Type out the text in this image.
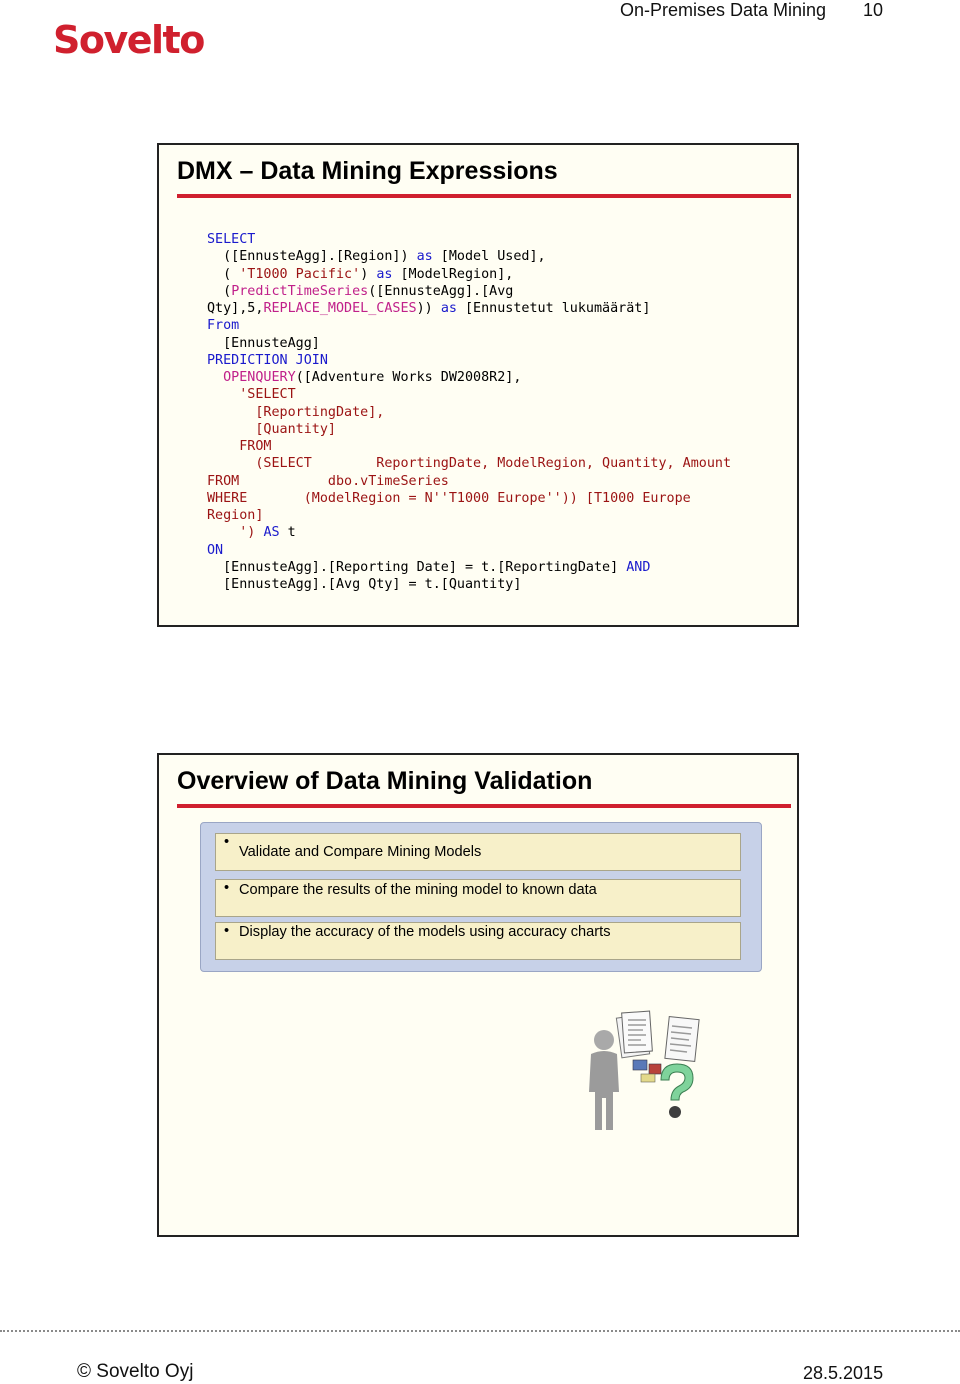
Sovelto
On-Premises Data Mining 10
DMX – Data Mining Expressions
SELECT
([EnnusteAgg].[Region]) as [Model Used],
( 'T1000 Pacific') as [ModelRegion],
(PredictTimeSeries([EnnusteAgg].[Avg
Qty],5,REPLACE_MODEL_CASES)) as [Ennustetut lukumäärät]
From
[EnnusteAgg]
PREDICTION JOIN
OPENQUERY([Adventure Works DW2008R2],
'SELECT
[ReportingDate],
[Quantity]
FROM
(SELECT        ReportingDate, ModelRegion, Quantity, Amount
FROM           dbo.vTimeSeries
WHERE       (ModelRegion = N''T1000 Europe'')) [T1000 Europe
Region]
') AS t
ON
[EnnusteAgg].[Reporting Date] = t.[ReportingDate] AND
[EnnusteAgg].[Avg Qty] = t.[Quantity]
Overview of Data Mining Validation
• Validate and Compare Mining Models
• Compare the results of the mining model to known data
• Display the accuracy of the models using accuracy charts
© Sovelto Oyj	28.5.2015
